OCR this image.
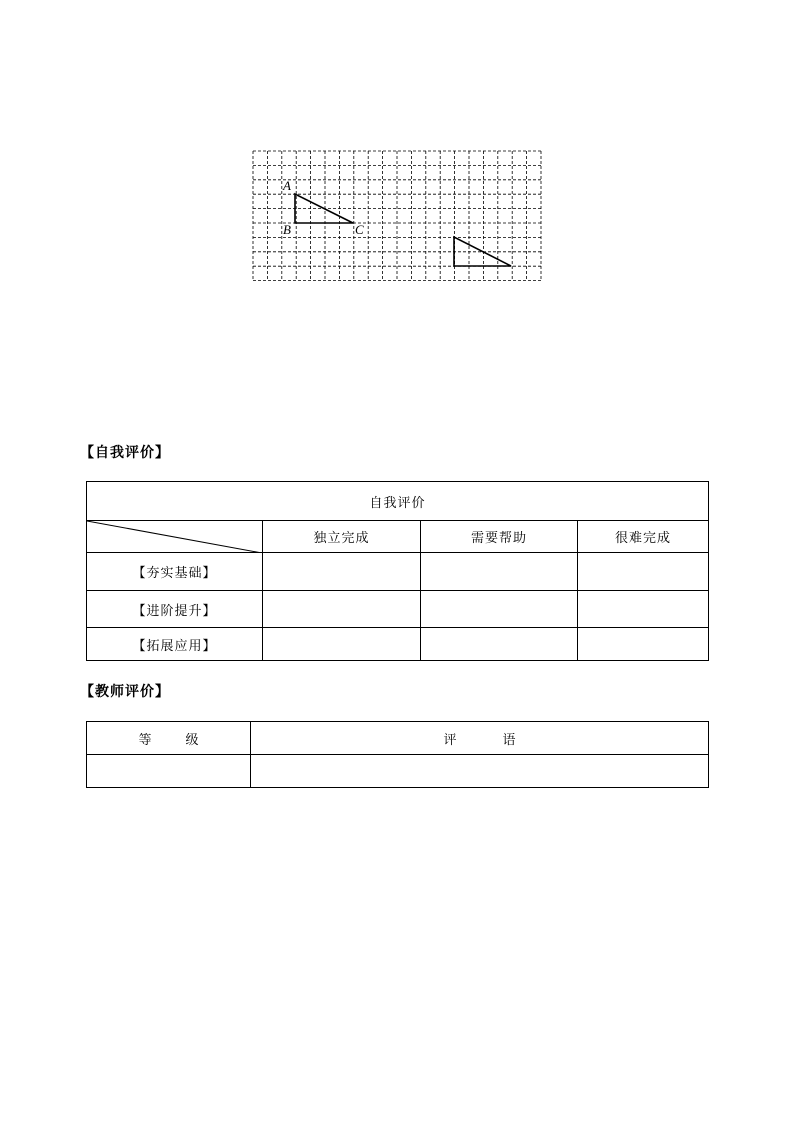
A
B	C
【自我评价】
自我评价			

	独立完成	需要帮助	很难完成
【夯实基础】			
【进阶提升】			
【拓展应用】			
【教师评价】
等级	评语
